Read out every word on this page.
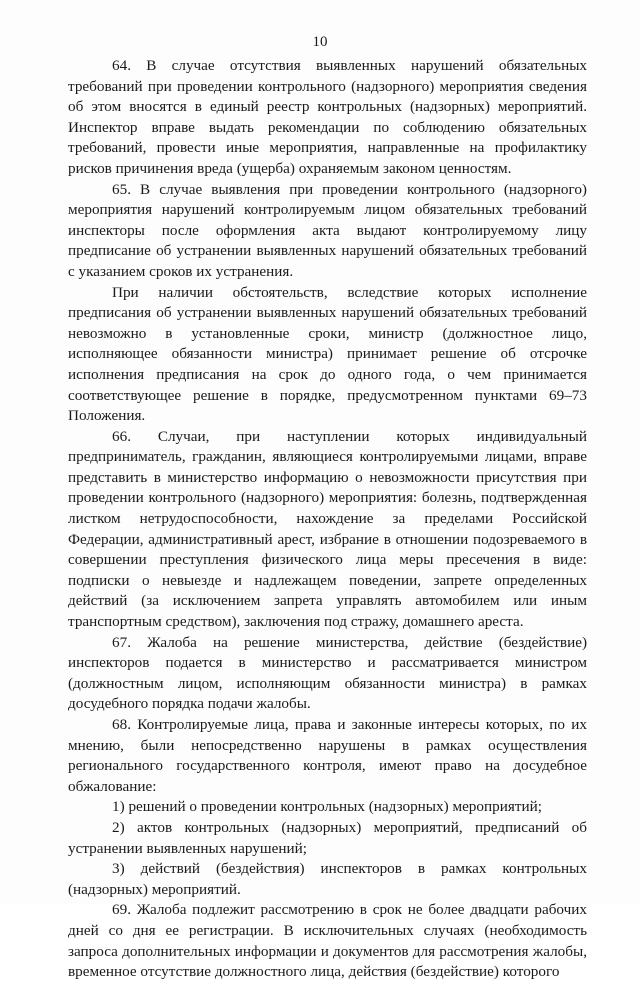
10

64. В случае отсутствия выявленных нарушений обязательных требований при проведении контрольного (надзорного) мероприятия сведения об этом вносятся в единый реестр контрольных (надзорных) мероприятий. Инспектор вправе выдать рекомендации по соблюдению обязательных требований, провести иные мероприятия, направленные на профилактику рисков причинения вреда (ущерба) охраняемым законом ценностям.

65. В случае выявления при проведении контрольного (надзорного) мероприятия нарушений контролируемым лицом обязательных требований инспекторы после оформления акта выдают контролируемому лицу предписание об устранении выявленных нарушений обязательных требований с указанием сроков их устранения.

При наличии обстоятельств, вследствие которых исполнение предписания об устранении выявленных нарушений обязательных требований невозможно в установленные сроки, министр (должностное лицо, исполняющее обязанности министра) принимает решение об отсрочке исполнения предписания на срок до одного года, о чем принимается соответствующее решение в порядке, предусмотренном пунктами 69–73 Положения.

66. Случаи, при наступлении которых индивидуальный предприниматель, гражданин, являющиеся контролируемыми лицами, вправе представить в министерство информацию о невозможности присутствия при проведении контрольного (надзорного) мероприятия: болезнь, подтвержденная листком нетрудоспособности, нахождение за пределами Российской Федерации, административный арест, избрание в отношении подозреваемого в совершении преступления физического лица меры пресечения в виде: подписки о невыезде и надлежащем поведении, запрете определенных действий (за исключением запрета управлять автомобилем или иным транспортным средством), заключения под стражу, домашнего ареста.

67. Жалоба на решение министерства, действие (бездействие) инспекторов подается в министерство и рассматривается министром (должностным лицом, исполняющим обязанности министра) в рамках досудебного порядка подачи жалобы.

68. Контролируемые лица, права и законные интересы которых, по их мнению, были непосредственно нарушены в рамках осуществления регионального государственного контроля, имеют право на досудебное обжалование:

1) решений о проведении контрольных (надзорных) мероприятий;

2) актов контрольных (надзорных) мероприятий, предписаний об устранении выявленных нарушений;

3) действий (бездействия) инспекторов в рамках контрольных (надзорных) мероприятий.

69. Жалоба подлежит рассмотрению в срок не более двадцати рабочих дней со дня ее регистрации. В исключительных случаях (необходимость запроса дополнительных информации и документов для рассмотрения жалобы, временное отсутствие должностного лица, действия (бездействие) которого
